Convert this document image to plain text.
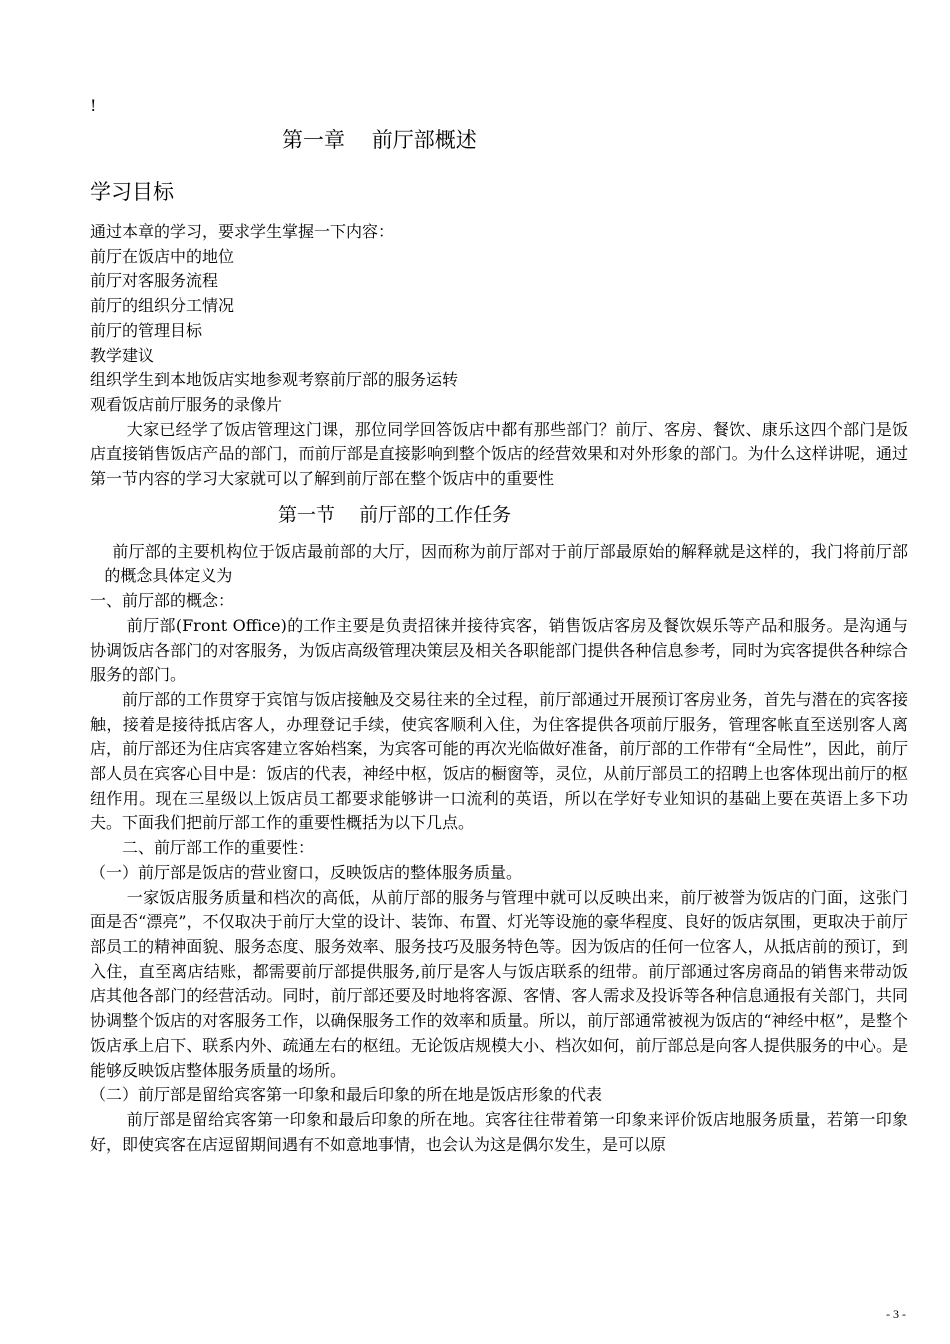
!
第一章    前厅部概述
学习目标

通过本章的学习，要求学生掌握一下内容：

前厅在饭店中的地位

前厅对客服务流程

前厅的组织分工情况

前厅的管理目标

教学建议

组织学生到本地饭店实地参观考察前厅部的服务运转

观看饭店前厅服务的录像片

大家已经学了饭店管理这门课，那位同学回答饭店中都有那些部门？前厅、客房、餐饮、康乐这四个部门是饭店直接销售饭店产品的部门，而前厅部是直接影响到整个饭店的经营效果和对外形象的部门。为什么这样讲呢，通过第一节内容的学习大家就可以了解到前厅部在整个饭店中的重要性

第一节    前厅部的工作任务

前厅部的主要机构位于饭店最前部的大厅，因而称为前厅部对于前厅部最原始的解释就是这样的，我门将前厅部的概念具体定义为

一、前厅部的概念：

前厅部(Front Office)的工作主要是负责招徕并接待宾客，销售饭店客房及餐饮娱乐等产品和服务。是沟通与协调饭店各部门的对客服务，为饭店高级管理决策层及相关各职能部门提供各种信息参考，同时为宾客提供各种综合服务的部门。

前厅部的工作贯穿于宾馆与饭店接触及交易往来的全过程，前厅部通过开展预订客房业务，首先与潜在的宾客接触，接着是接待抵店客人，办理登记手续，使宾客顺利入住，为住客提供各项前厅服务，管理客帐直至送别客人离店，前厅部还为住店宾客建立客始档案，为宾客可能的再次光临做好准备，前厅部的工作带有“全局性”，因此，前厅部人员在宾客心目中是：饭店的代表，神经中枢，饭店的橱窗等，灵位，从前厅部员工的招聘上也客体现出前厅的枢纽作用。现在三星级以上饭店员工都要求能够讲一口流利的英语，所以在学好专业知识的基础上要在英语上多下功夫。下面我们把前厅部工作的重要性概括为以下几点。

二、前厅部工作的重要性：

（一）前厅部是饭店的营业窗口，反映饭店的整体服务质量。

一家饭店服务质量和档次的高低，从前厅部的服务与管理中就可以反映出来，前厅被誉为饭店的门面，这张门面是否“漂亮”，不仅取决于前厅大堂的设计、装饰、布置、灯光等设施的豪华程度、良好的饭店氛围，更取决于前厅部员工的精神面貌、服务态度、服务效率、服务技巧及服务特色等。因为饭店的任何一位客人，从抵店前的预订，到入住，直至离店结账，都需要前厅部提供服务,前厅是客人与饭店联系的纽带。前厅部通过客房商品的销售来带动饭店其他各部门的经营活动。同时，前厅部还要及时地将客源、客情、客人需求及投诉等各种信息通报有关部门，共同协调整个饭店的对客服务工作，以确保服务工作的效率和质量。所以，前厅部通常被视为饭店的“神经中枢”，是整个饭店承上启下、联系内外、疏通左右的枢纽。无论饭店规模大小、档次如何，前厅部总是向客人提供服务的中心。是能够反映饭店整体服务质量的场所。

（二）前厅部是留给宾客第一印象和最后印象的所在地是饭店形象的代表

前厅部是留给宾客第一印象和最后印象的所在地。宾客往往带着第一印象来评价饭店地服务质量，若第一印象好，即使宾客在店逗留期间遇有不如意地事情，也会认为这是偶尔发生，是可以原

- 3 -
